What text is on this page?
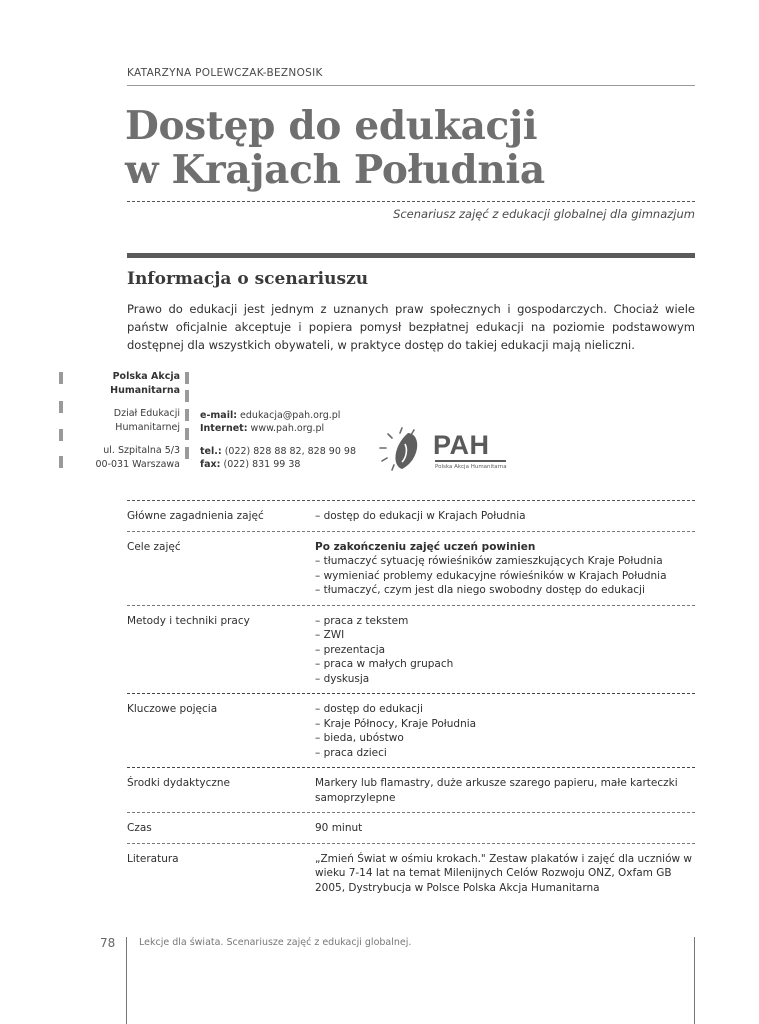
KATARZYNA POLEWCZAK-BEZNOSIK
Dostęp do edukacji
w Krajach Południa
Scenariusz zajęć z edukacji globalnej dla gimnazjum
Informacja o scenariuszu
Prawo do edukacji jest jednym z uznanych praw społecznych i gospodarczych. Chociaż wiele państw oficjalnie akceptuje i popiera pomysł bezpłatnej edukacji na poziomie podstawowym dostępnej dla wszystkich obywateli, w praktyce dostęp do takiej edukacji mają nieliczni.
Polska Akcja
Humanitarna
Dział Edukacji
Humanitarnej
ul. Szpitalna 5/3
00-031 Warszawa
e-mail: edukacja@pah.org.pl
Internet: www.pah.org.pl
tel.: (022) 828 88 82, 828 90 98
fax: (022) 831 99 38
PAH
Polska Akcja Humanitarna
Główne zagadnienia zajęć	– dostęp do edukacji w Krajach Południa
Cele zajęć	Po zakończeniu zajęć uczeń powinien
– tłumaczyć sytuację rówieśników zamieszkujących Kraje Południa
– wymieniać problemy edukacyjne rówieśników w Krajach Południa
– tłumaczyć, czym jest dla niego swobodny dostęp do edukacji
Metody i techniki pracy	– praca z tekstem
– ZWI
– prezentacja
– praca w małych grupach
– dyskusja
Kluczowe pojęcia	– dostęp do edukacji
– Kraje Północy, Kraje Południa
– bieda, ubóstwo
– praca dzieci
Środki dydaktyczne	Markery lub flamastry, duże arkusze szarego papieru, małe karteczki samoprzylepne
Czas	90 minut
Literatura	„Zmień Świat w ośmiu krokach." Zestaw plakatów i zajęć dla uczniów w wieku 7-14 lat na temat Milenijnych Celów Rozwoju ONZ, Oxfam GB 2005, Dystrybucja w Polsce Polska Akcja Humanitarna
78 Lekcje dla świata. Scenariusze zajęć z edukacji globalnej.
